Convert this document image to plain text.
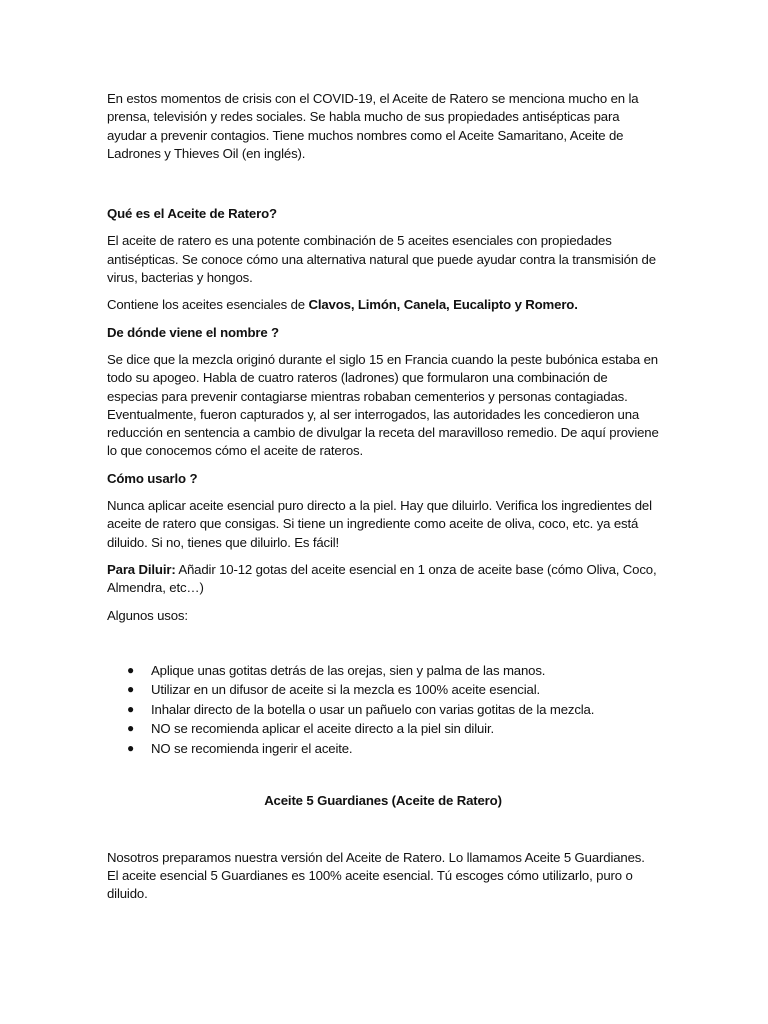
En estos momentos de crisis con el COVID-19, el Aceite de Ratero se menciona mucho en la prensa, televisión y redes sociales. Se habla mucho de sus propiedades antisépticas para ayudar a prevenir contagios. Tiene muchos nombres como el Aceite Samaritano, Aceite de Ladrones y Thieves Oil (en inglés).

Qué es el Aceite de Ratero?

El aceite de ratero es una potente combinación de 5 aceites esenciales con propiedades antisépticas. Se conoce cómo una alternativa natural que puede ayudar contra la transmisión de virus, bacterias y hongos.

Contiene los aceites esenciales de Clavos, Limón, Canela, Eucalipto y Romero.

De dónde viene el nombre ?

Se dice que la mezcla originó durante el siglo 15 en Francia cuando la peste bubónica estaba en todo su apogeo. Habla de cuatro rateros (ladrones) que formularon una combinación de especias para prevenir contagiarse mientras robaban cementerios y personas contagiadas. Eventualmente, fueron capturados y, al ser interrogados, las autoridades les concedieron una reducción en sentencia a cambio de divulgar la receta del maravilloso remedio. De aquí proviene lo que conocemos cómo el aceite de rateros.

Cómo usarlo ?

Nunca aplicar aceite esencial puro directo a la piel. Hay que diluirlo. Verifica los ingredientes del aceite de ratero que consigas. Si tiene un ingrediente como aceite de oliva, coco, etc. ya está diluido. Si no, tienes que diluirlo. Es fácil!

Para Diluir: Añadir 10-12 gotas del aceite esencial en 1 onza de aceite base (cómo Oliva, Coco, Almendra, etc…)

Algunos usos:

● Aplique unas gotitas detrás de las orejas, sien y palma de las manos.
● Utilizar en un difusor de aceite si la mezcla es 100% aceite esencial.
● Inhalar directo de la botella o usar un pañuelo con varias gotitas de la mezcla.
● NO se recomienda aplicar el aceite directo a la piel sin diluir.
● NO se recomienda ingerir el aceite.

Aceite 5 Guardianes (Aceite de Ratero)

Nosotros preparamos nuestra versión del Aceite de Ratero. Lo llamamos Aceite 5 Guardianes. El aceite esencial 5 Guardianes es 100% aceite esencial. Tú escoges cómo utilizarlo, puro o diluido.
